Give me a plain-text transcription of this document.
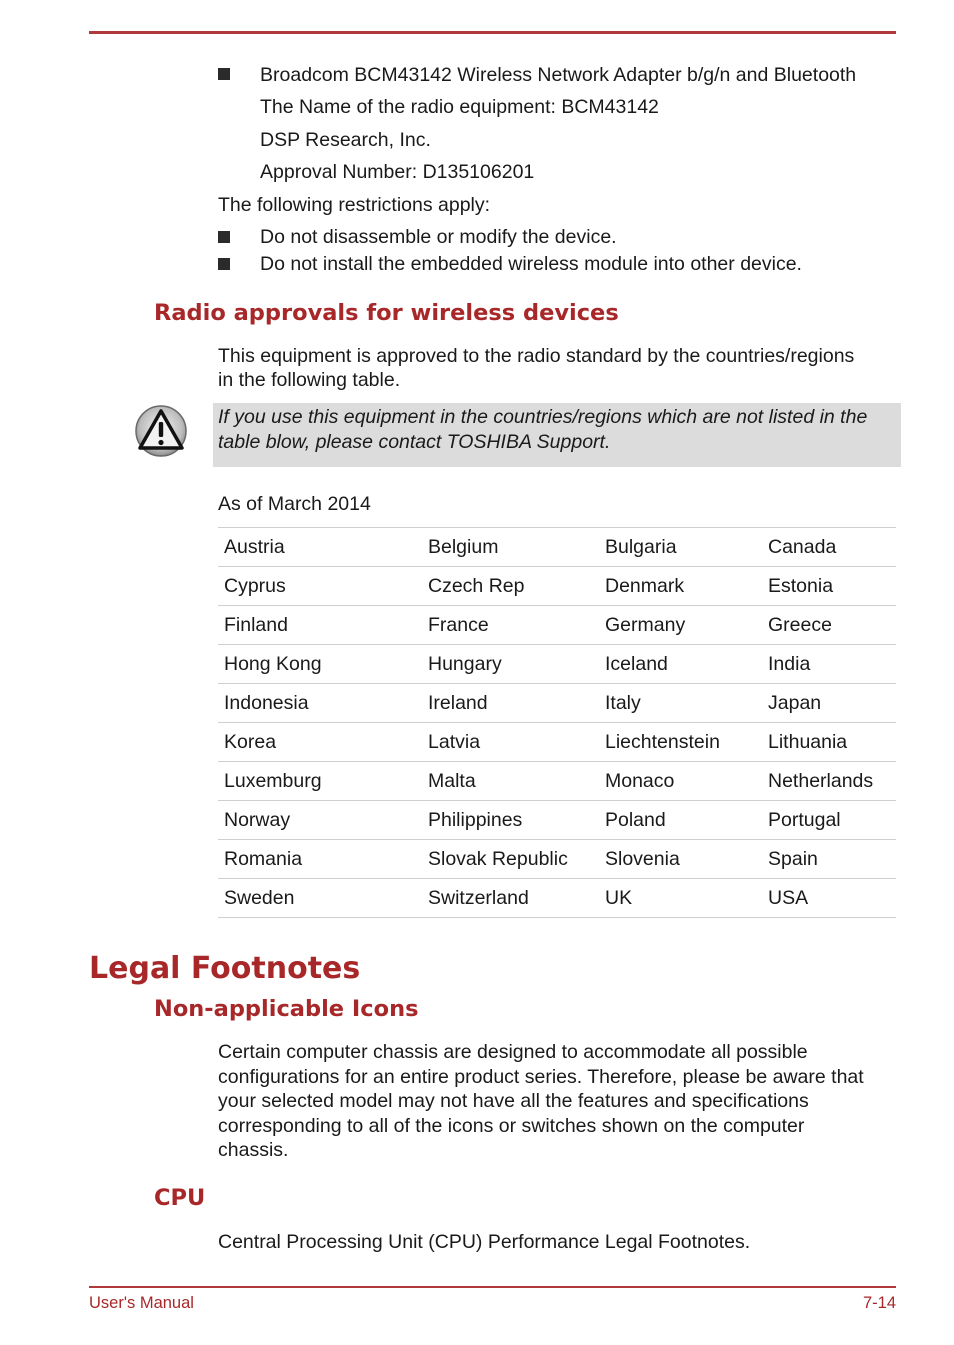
Broadcom BCM43142 Wireless Network Adapter b/g/n and Bluetooth
The Name of the radio equipment: BCM43142
DSP Research, Inc.
Approval Number: D135106201
The following restrictions apply:
Do not disassemble or modify the device.
Do not install the embedded wireless module into other device.
Radio approvals for wireless devices
This equipment is approved to the radio standard by the countries/regions
in the following table.
If you use this equipment in the countries/regions which are not listed in the
table blow, please contact TOSHIBA Support.
As of March 2014
Austria	Belgium	Bulgaria	Canada
Cyprus	Czech Rep	Denmark	Estonia
Finland	France	Germany	Greece
Hong Kong	Hungary	Iceland	India
Indonesia	Ireland	Italy	Japan
Korea	Latvia	Liechtenstein	Lithuania
Luxemburg	Malta	Monaco	Netherlands
Norway	Philippines	Poland	Portugal
Romania	Slovak Republic	Slovenia	Spain
Sweden	Switzerland	UK	USA
Legal Footnotes
Non-applicable Icons
Certain computer chassis are designed to accommodate all possible
configurations for an entire product series. Therefore, please be aware that
your selected model may not have all the features and specifications
corresponding to all of the icons or switches shown on the computer
chassis.
CPU
Central Processing Unit (CPU) Performance Legal Footnotes.
User's Manual	7-14
